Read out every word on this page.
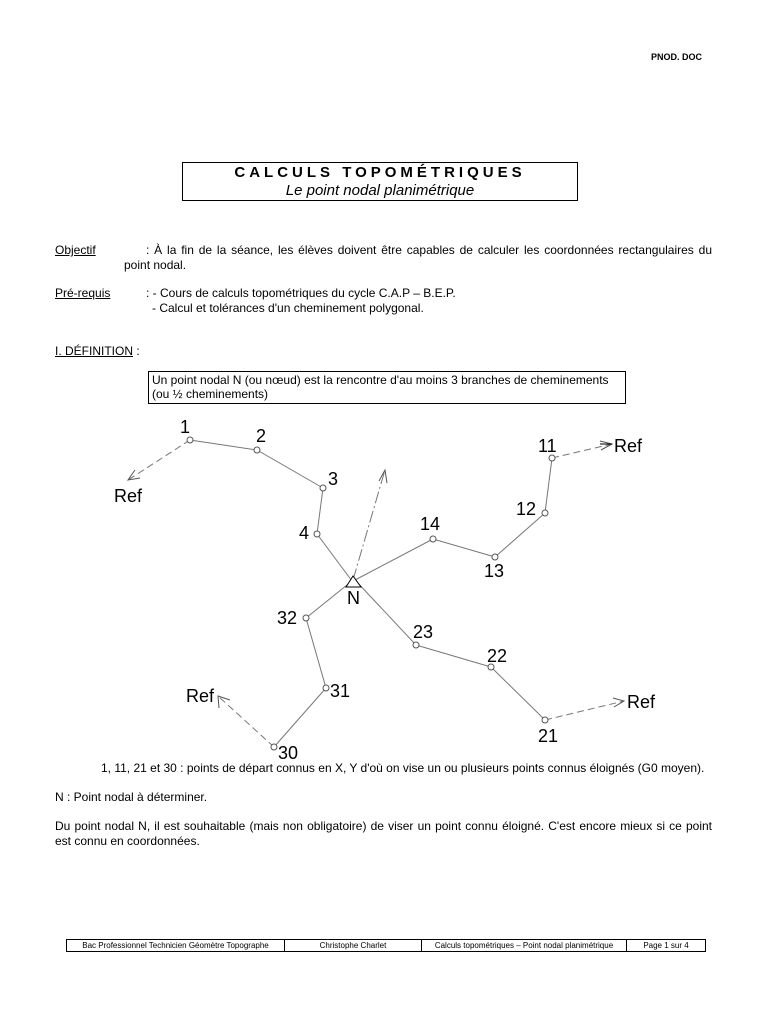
PNOD. DOC
CALCULS TOPOMÉTRIQUES
Le point nodal planimétrique
Objectif	: À la fin de la séance, les élèves doivent être capables de calculer les coordonnées rectangulaires du point nodal.
Pré-requis	: - Cours de calculs topométriques du cycle C.A.P – B.E.P.
- Calcul et tolérances d'un cheminement polygonal.
I. DÉFINITION :
Un point nodal N (ou nœud) est la rencontre d'au moins 3 branches de cheminements (ou ½ cheminements)
1	2
3
4
11
12
13
14
21
22
23
30
31
32
N
Ref
Ref
Ref
Ref
1, 11, 21 et 30 : points de départ connus en X, Y d'où on vise un ou plusieurs points connus éloignés (G0 moyen).
N : Point nodal à déterminer.
Du point nodal N, il est souhaitable (mais non obligatoire) de viser un point connu éloigné. C'est encore mieux si ce point est connu en coordonnées.
Bac Professionnel Technicien Géomètre Topographe	Christophe Charlet	Calculs topométriques – Point nodal planimétrique	Page 1 sur 4
